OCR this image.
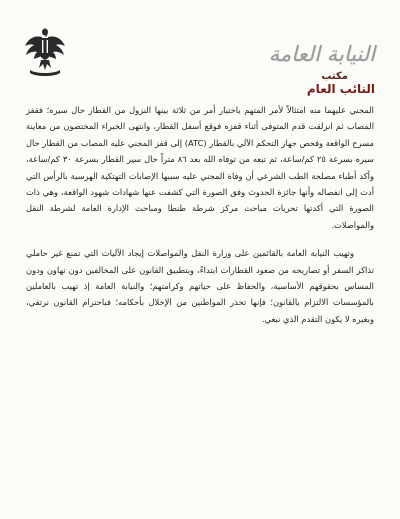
النيابة العامة
مكتب
النائب العام

المجني عليهما منه امتثالاً لأمر المتهم باختيار أمر من ثلاثة بينها النزول من القطار حال سيره؛ فقفز المصاب ثم انزلقت قدم المتوفى أثناء قفزه فوقع أسفل القطار، وانتهى الخبراء المختصون من معاينة مسرح الواقعة وفحص جهاز التحكم الآلي بالقطار (ATC) إلى قفز المجني عليه المصاب من القطار حال سيره بسرعة ٢٥ كم/ساعة، ثم تبعه من توفاه الله بعد ٨٦ متراً حال سير القطار بسرعة ٣٠ كم/ساعة، وأكد أطباء مصلحة الطب الشرعي أن وفاة المجني عليه سببها الإصابات التهتكية الهرسية بالرأس التي أدت إلى انفصاله وأنها جائزة الحدوث وفق الصورة التي كشفت عنها شهادات شهود الواقعة، وهي ذات الصورة التي أكدتها تحريات مباحث مركز شرطة طنطا ومباحث الإدارة العامة لشرطة النقل والمواصلات.

وتهيب النيابة العامة بالقائمين على وزارة النقل والمواصلات إيجاد الآليات التي تمنع غير حاملي تذاكر السفر أو تصاريحه من صعود القطارات ابتداءً، وبتطبيق القانون على المخالفين دون تهاون ودون المساس بحقوقهم الأساسية، والحفاظ على حياتهم وكرامتهم؛ والنيابة العامة إذ تهيب بالعاملين بالمؤسسات الالتزام بالقانون؛ فإنها تحذر المواطنين من الإخلال بأحكامه؛ فباحترام القانون نرتقي، وبغيره لا يكون التقدم الذي نبغي.
